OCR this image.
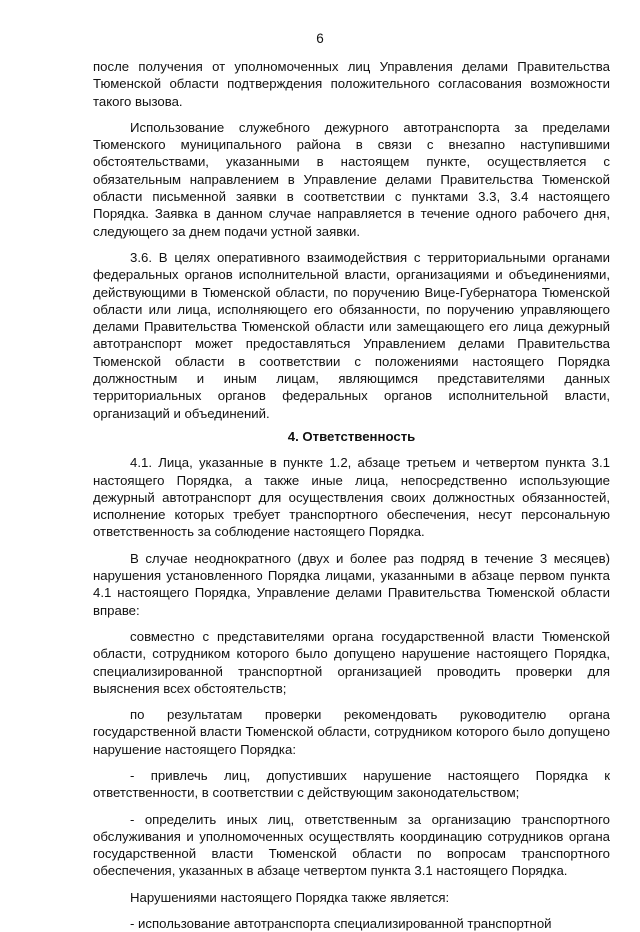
6

после получения от уполномоченных лиц Управления делами Правительства Тюменской области подтверждения положительного согласования возможности такого вызова.

Использование служебного дежурного автотранспорта за пределами Тюменского муниципального района в связи с внезапно наступившими обстоятельствами, указанными в настоящем пункте, осуществляется с обязательным направлением в Управление делами Правительства Тюменской области письменной заявки в соответствии с пунктами 3.3, 3.4 настоящего Порядка. Заявка в данном случае направляется в течение одного рабочего дня, следующего за днем подачи устной заявки.

3.6. В целях оперативного взаимодействия с территориальными органами федеральных органов исполнительной власти, организациями и объединениями, действующими в Тюменской области, по поручению Вице-Губернатора Тюменской области или лица, исполняющего его обязанности, по поручению управляющего делами Правительства Тюменской области или замещающего его лица дежурный автотранспорт может предоставляться Управлением делами Правительства Тюменской области в соответствии с положениями настоящего Порядка должностным и иным лицам, являющимся представителями данных территориальных органов федеральных органов исполнительной власти, организаций и объединений.

4. Ответственность

4.1. Лица, указанные в пункте 1.2, абзаце третьем и четвертом пункта 3.1 настоящего Порядка, а также иные лица, непосредственно использующие дежурный автотранспорт для осуществления своих должностных обязанностей, исполнение которых требует транспортного обеспечения, несут персональную ответственность за соблюдение настоящего Порядка.

В случае неоднократного (двух и более раз подряд в течение 3 месяцев) нарушения установленного Порядка лицами, указанными в абзаце первом пункта 4.1 настоящего Порядка, Управление делами Правительства Тюменской области вправе:

совместно с представителями органа государственной власти Тюменской области, сотрудником которого было допущено нарушение настоящего Порядка, специализированной транспортной организацией проводить проверки для выяснения всех обстоятельств;

по результатам проверки рекомендовать руководителю органа государственной власти Тюменской области, сотрудником которого было допущено нарушение настоящего Порядка:

- привлечь лиц, допустивших нарушение настоящего Порядка к ответственности, в соответствии с действующим законодательством;

- определить иных лиц, ответственным за организацию транспортного обслуживания и уполномоченных осуществлять координацию сотрудников органа государственной власти Тюменской области по вопросам транспортного обеспечения, указанных в абзаце четвертом пункта 3.1 настоящего Порядка.

Нарушениями настоящего Порядка также является:

- использование автотранспорта специализированной транспортной
